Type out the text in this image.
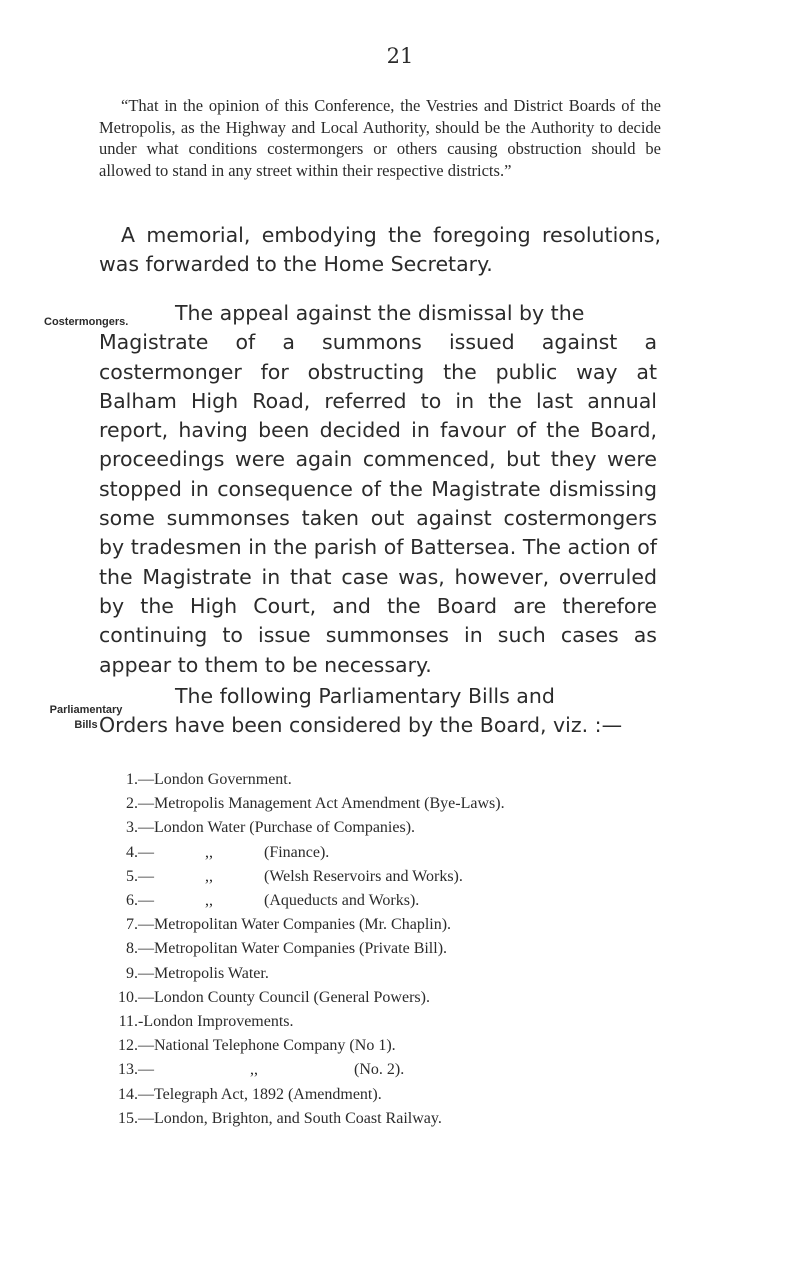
21
“That in the opinion of this Conference, the Vestries and District Boards of the Metropolis, as the Highway and Local Authority, should be the Authority to decide under what conditions costermongers or others causing obstruction should be allowed to stand in any street within their respective districts.”
A memorial, embodying the foregoing resolutions, was forwarded to the Home Secretary.
Costermongers.	The appeal against the dismissal by the
Magistrate of a summons issued against a costermonger for obstructing the public way at Balham High Road, referred to in the last annual report, having been decided in favour of the Board, proceedings were again commenced, but they were stopped in consequence of the Magistrate dismissing some summonses taken out against costermongers by tradesmen in the parish of Battersea. The action of the Magistrate in that case was, however, overruled by the High Court, and the Board are therefore continuing to issue summonses in such cases as appear to them to be necessary.
Parliamentary
Bills
The following Parliamentary Bills and
Orders have been considered by the Board, viz. :—
1. — London Government.
2. — Metropolis Management Act Amendment (Bye-Laws).
3. — London Water (Purchase of Companies).
4. —	,,	(Finance).
5. —	,,	(Welsh Reservoirs and Works).
6. —	,,	(Aqueducts and Works).
7. — Metropolitan Water Companies (Mr. Chaplin).
8. — Metropolitan Water Companies (Private Bill).
9. — Metropolis Water.
10. — London County Council (General Powers).
11. - London Improvements.
12. — National Telephone Company (No 1).
13. —	,,	(No. 2).
14. — Telegraph Act, 1892 (Amendment).
15. — London, Brighton, and South Coast Railway.
